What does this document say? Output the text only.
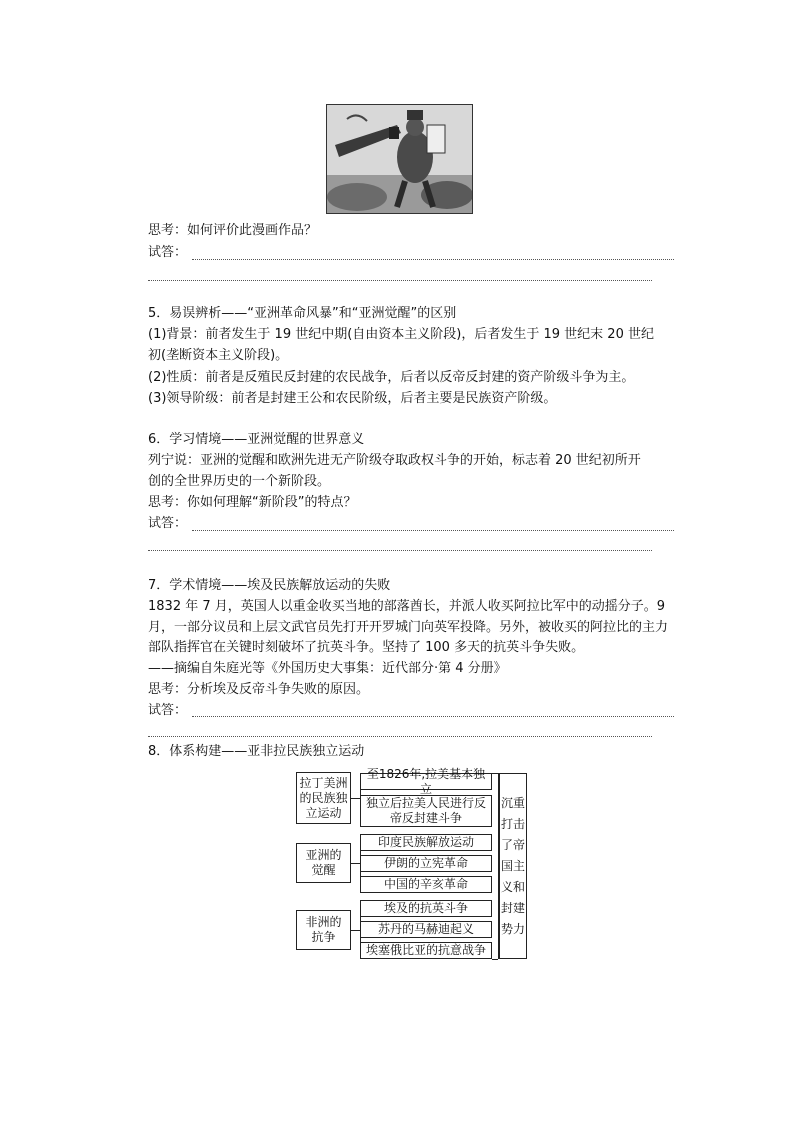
思考：如何评价此漫画作品？
试答：
5．易误辨析——“亚洲革命风暴”和“亚洲觉醒”的区别
(1)背景：前者发生于 19 世纪中期(自由资本主义阶段)，后者发生于 19 世纪末 20 世纪
初(垄断资本主义阶段)。
(2)性质：前者是反殖民反封建的农民战争，后者以反帝反封建的资产阶级斗争为主。
(3)领导阶级：前者是封建王公和农民阶级，后者主要是民族资产阶级。
6．学习情境——亚洲觉醒的世界意义
列宁说：亚洲的觉醒和欧洲先进无产阶级夺取政权斗争的开始，标志着 20 世纪初所开
创的全世界历史的一个新阶段。
思考：你如何理解“新阶段”的特点？
试答：
7．学术情境——埃及民族解放运动的失败
1832 年 7 月，英国人以重金收买当地的部落酋长，并派人收买阿拉比军中的动摇分子。9
月，一部分议员和上层文武官员先打开开罗城门向英军投降。另外，被收买的阿拉比的主力
部队指挥官在关键时刻破坏了抗英斗争。坚持了 100 多天的抗英斗争失败。
——摘编自朱庭光等《外国历史大事集：近代部分·第 4 分册》
思考：分析埃及反帝斗争失败的原因。
试答：
8．体系构建——亚非拉民族独立运动
拉丁美洲
的民族独
立运动
亚洲的
觉醒
非洲的
抗争
至1826年,拉美基本独立
独立后拉美人民进行反
帝反封建斗争
印度民族解放运动
伊朗的立宪革命
中国的辛亥革命
埃及的抗英斗争
苏丹的马赫迪起义
埃塞俄比亚的抗意战争
沉重
打击
了帝
国主
义和
封建
势力
